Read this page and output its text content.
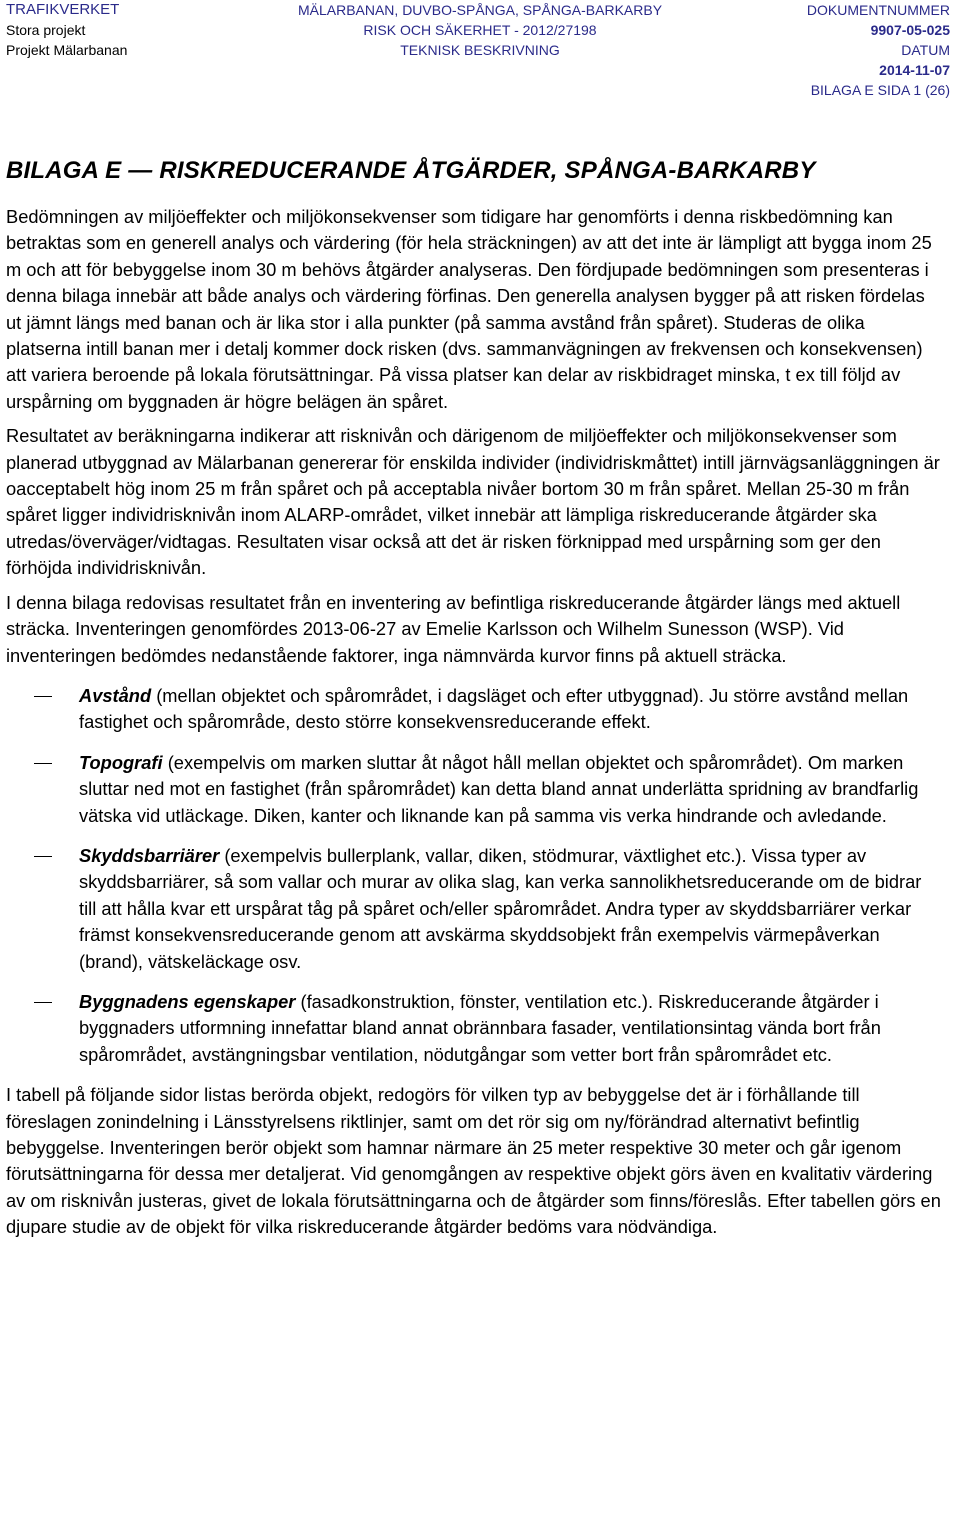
TRAFIKVERKET
Stora projekt
Projekt Mälarbanan
MÄLARBANAN, DUVBO-SPÅNGA, SPÅNGA-BARKARBY
RISK OCH SÄKERHET - 2012/27198
TEKNISK BESKRIVNING
DOKUMENTNUMMER
9907-05-025
DATUM
2014-11-07
BILAGA E SIDA 1 (26)
BILAGA E — RISKREDUCERANDE ÅTGÄRDER, SPÅNGA-BARKARBY

Bedömningen av miljöeffekter och miljökonsekvenser som tidigare har genomförts i denna riskbedömning kan betraktas som en generell analys och värdering (för hela sträckningen) av att det inte är lämpligt att bygga inom 25 m och att för bebyggelse inom 30 m behövs åtgärder analyseras. Den fördjupade bedömningen som presenteras i denna bilaga innebär att både analys och värdering förfinas. Den generella analysen bygger på att risken fördelas ut jämnt längs med banan och är lika stor i alla punkter (på samma avstånd från spåret). Studeras de olika platserna intill banan mer i detalj kommer dock risken (dvs. sammanvägningen av frekvensen och konsekvensen) att variera beroende på lokala förutsättningar. På vissa platser kan delar av riskbidraget minska, t ex till följd av urspårning om byggnaden är högre belägen än spåret.

Resultatet av beräkningarna indikerar att risknivån och därigenom de miljöeffekter och miljökonsekvenser som planerad utbyggnad av Mälarbanan genererar för enskilda individer (individriskmåttet) intill järnvägsanläggningen är oacceptabelt hög inom 25 m från spåret och på acceptabla nivåer bortom 30 m från spåret. Mellan 25-30 m från spåret ligger individrisknivån inom ALARP-området, vilket innebär att lämpliga riskreducerande åtgärder ska utredas/överväger/vidtagas. Resultaten visar också att det är risken förknippad med urspårning som ger den förhöjda individrisknivån.

I denna bilaga redovisas resultatet från en inventering av befintliga riskreducerande åtgärder längs med aktuell sträcka. Inventeringen genomfördes 2013-06-27 av Emelie Karlsson och Wilhelm Sunesson (WSP). Vid inventeringen bedömdes nedanstående faktorer, inga nämnvärda kurvor finns på aktuell sträcka.

Avstånd (mellan objektet och spårområdet, i dagsläget och efter utbyggnad). Ju större avstånd mellan fastighet och spårområde, desto större konsekvensreducerande effekt.
Topografi (exempelvis om marken sluttar åt något håll mellan objektet och spårområdet). Om marken sluttar ned mot en fastighet (från spårområdet) kan detta bland annat underlätta spridning av brandfarlig vätska vid utläckage. Diken, kanter och liknande kan på samma vis verka hindrande och avledande.
Skyddsbarriärer (exempelvis bullerplank, vallar, diken, stödmurar, växtlighet etc.). Vissa typer av skyddsbarriärer, så som vallar och murar av olika slag, kan verka sannolikhetsreducerande om de bidrar till att hålla kvar ett urspårat tåg på spåret och/eller spårområdet. Andra typer av skyddsbarriärer verkar främst konsekvensreducerande genom att avskärma skyddsobjekt från exempelvis värmepåverkan (brand), vätskeläckage osv.
Byggnadens egenskaper (fasadkonstruktion, fönster, ventilation etc.). Riskreducerande åtgärder i byggnaders utformning innefattar bland annat obrännbara fasader, ventilationsintag vända bort från spårområdet, avstängningsbar ventilation, nödutgångar som vetter bort från spårområdet etc.

I tabell på följande sidor listas berörda objekt, redogörs för vilken typ av bebyggelse det är i förhållande till föreslagen zonindelning i Länsstyrelsens riktlinjer, samt om det rör sig om ny/förändrad alternativt befintlig bebyggelse. Inventeringen berör objekt som hamnar närmare än 25 meter respektive 30 meter och går igenom förutsättningarna för dessa mer detaljerat. Vid genomgången av respektive objekt görs även en kvalitativ värdering av om risknivån justeras, givet de lokala förutsättningarna och de åtgärder som finns/föreslås. Efter tabellen görs en djupare studie av de objekt för vilka riskreducerande åtgärder bedöms vara nödvändiga.
